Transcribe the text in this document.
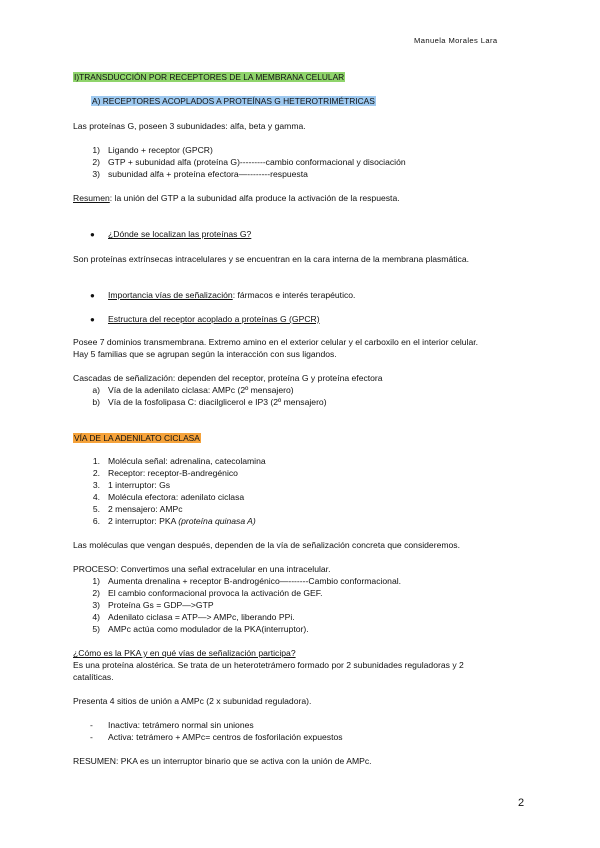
Manuela Morales Lara
I)TRANSDUCCIÓN POR RECEPTORES DE LA MEMBRANA CELULAR
A) RECEPTORES ACOPLADOS A PROTEÍNAS G HETEROTRIMÉTRICAS
Las proteínas G, poseen 3 subunidades: alfa, beta y gamma.
1) Ligando + receptor (GPCR)
2) GTP + subunidad alfa (proteína G)---------cambio conformacional y disociación
3) subunidad alfa + proteína efectora—--------respuesta
Resumen: la unión del GTP a la subunidad alfa produce la activación de la respuesta.
● ¿Dónde se localizan las proteínas G?
Son proteínas extrínsecas intracelulares y se encuentran en la cara interna de la membrana plasmática.
● Importancia vías de señalización: fármacos e interés terapéutico.
● Estructura del receptor acoplado a proteínas G (GPCR)
Posee 7 dominios transmembrana. Extremo amino en el exterior celular y el carboxilo en el interior celular.
Hay 5 familias que se agrupan según la interacción con sus ligandos.
Cascadas de señalización: dependen del receptor, proteína G y proteína efectora
a) Vía de la adenilato ciclasa: AMPc (2º mensajero)
b) Vía de la fosfolipasa C: diacilglicerol e IP3 (2º mensajero)
VÍA DE LA ADENILATO CICLASA
1. Molécula señal: adrenalina, catecolamina
2. Receptor: receptor-B-andregénico
3. 1 interruptor: Gs
4. Molécula efectora: adenilato ciclasa
5. 2 mensajero: AMPc
6. 2 interruptor: PKA (proteína quinasa A)
Las moléculas que vengan después, dependen de la vía de señalización concreta que consideremos.
PROCESO: Convertimos una señal extracelular en una intracelular.
1) Aumenta drenalina + receptor B-androgénico—-------Cambio conformacional.
2) El cambio conformacional provoca la activación de GEF.
3) Proteína Gs = GDP—>GTP
4) Adenilato ciclasa = ATP—> AMPc, liberando PPi.
5) AMPc actúa como modulador de la PKA(interruptor).
¿Cómo es la PKA y en qué vías de señalización participa?
Es una proteína alostérica. Se trata de un heterotetrámero formado por 2 subunidades reguladoras y 2
catalíticas.
Presenta 4 sitios de unión a AMPc (2 x subunidad reguladora).
- Inactiva: tetrámero normal sin uniones
- Activa: tetrámero + AMPc= centros de fosforilación expuestos
RESUMEN: PKA es un interruptor binario que se activa con la unión de AMPc.
2
